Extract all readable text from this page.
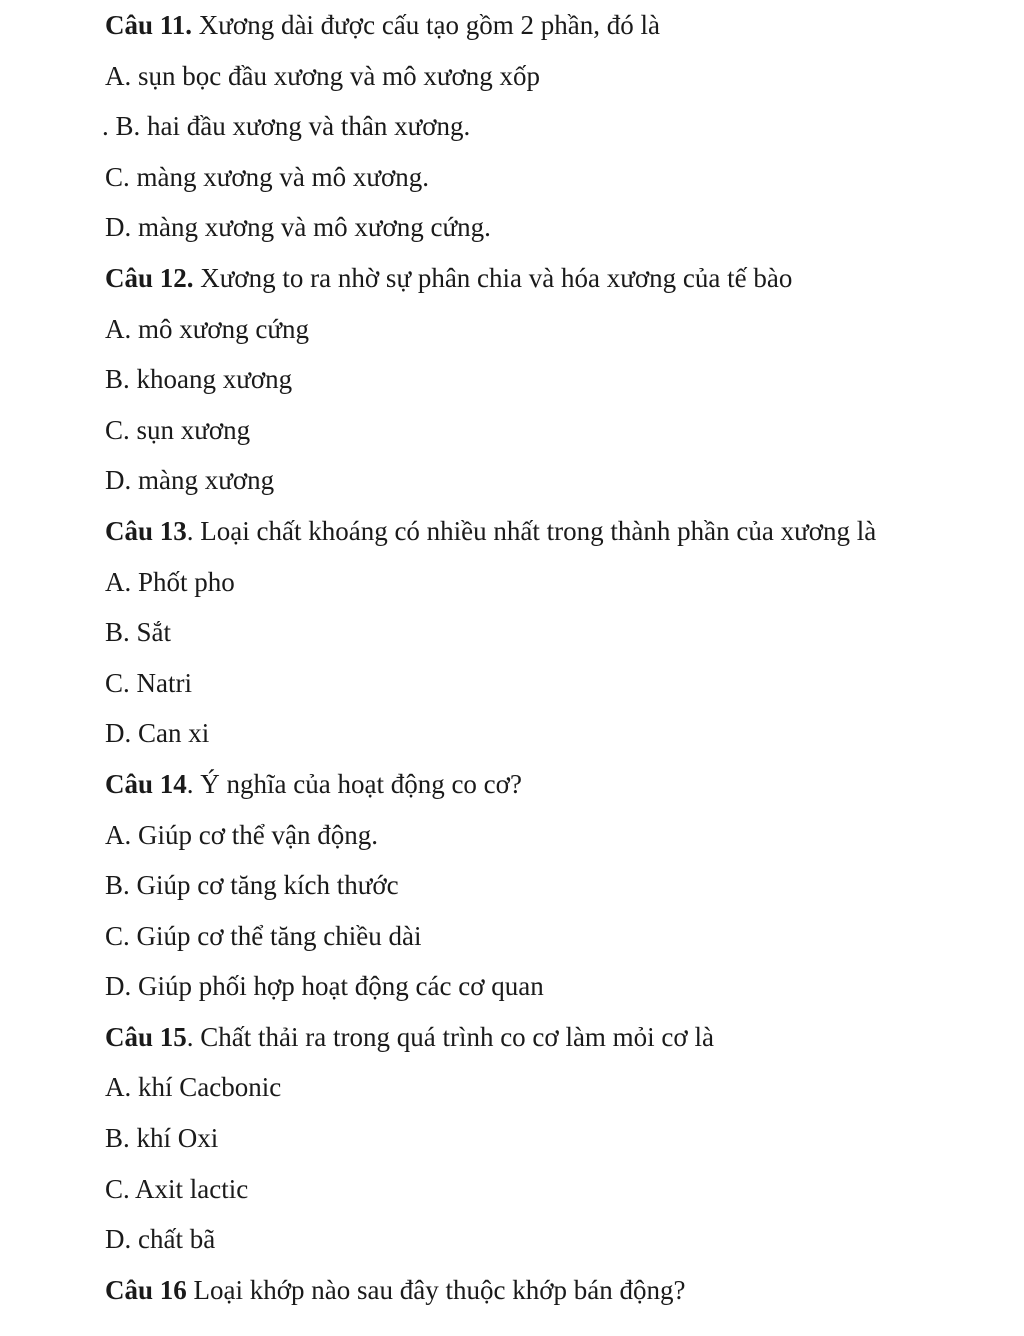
Câu 11. Xương dài được cấu tạo gồm 2 phần, đó là
A. sụn bọc đầu xương và mô xương xốp
. B. hai đầu xương và thân xương.
C. màng xương và mô xương.
D. màng xương và mô xương cứng.
Câu 12. Xương to ra nhờ sự phân chia và hóa xương của tế bào
A. mô xương cứng
B. khoang xương
C. sụn xương
D. màng xương
Câu 13. Loại chất khoáng có nhiều nhất trong thành phần của xương là
A. Phốt pho
B. Sắt
C. Natri
D. Can xi
Câu 14. Ý nghĩa của hoạt động co cơ?
A. Giúp cơ thể vận động.
B. Giúp cơ tăng kích thước
C. Giúp cơ thể tăng chiều dài
D. Giúp phối hợp hoạt động các cơ quan
Câu 15. Chất thải ra trong quá trình co cơ làm mỏi cơ là
A. khí Cacbonic
B. khí Oxi
C. Axit lactic
D. chất bã
Câu 16 Loại khớp nào sau đây thuộc khớp bán động?
